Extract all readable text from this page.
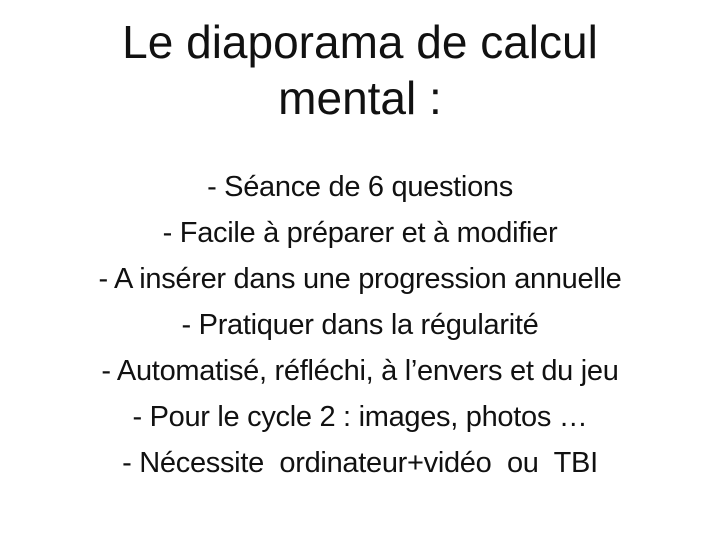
Le diaporama de calcul
mental :
- Séance de 6 questions
- Facile à préparer et à modifier
- A insérer dans une progression annuelle
- Pratiquer dans la régularité
- Automatisé, réfléchi, à l’envers et du jeu
- Pour le cycle 2 : images, photos …
- Nécessite  ordinateur+vidéo  ou  TBI
